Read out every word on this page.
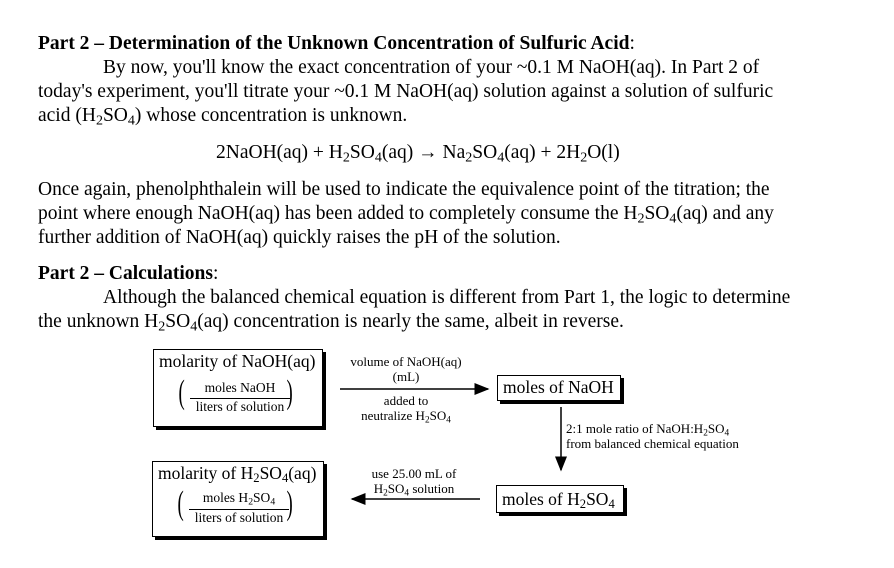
Part 2 – Determination of the Unknown Concentration of Sulfuric Acid:
By now, you'll know the exact concentration of your ~0.1 M NaOH(aq). In Part 2 of
today's experiment, you'll titrate your ~0.1 M NaOH(aq) solution against a solution of sulfuric
acid $(H_2SO_4)$ whose concentration is unknown.
2NaOH(aq) + $H_2SO_4(aq) \to Na_2SO_4(aq) + 2H_2O(l)$
Once again, phenolphthalein will be used to indicate the equivalence point of the titration; the
point where enough NaOH(aq) has been added to completely consume the $H_2SO_4(aq)$ and any
further addition of NaOH(aq) quickly raises the pH of the solution.
Part 2 – Calculations:
Although the balanced chemical equation is different from Part 1, the logic to determine
the unknown $H_2SO_4(aq)$ concentration is nearly the same, albeit in reverse.
molarity of NaOH(aq)
(	)
moles NaOH
liters of solution
volume of NaOH(aq)
(mL)
added to
neutralize $H_2SO_4$
moles of NaOH
2:1 mole ratio of $NaOH:H_2SO_4$
from balanced chemical equation
moles of $H_2SO_4$
use 25.00 mL of
$H_2SO_4$ solution
molarity of $H_2SO_4(aq)$
(	)
moles $H_2SO_4$
liters of solution
